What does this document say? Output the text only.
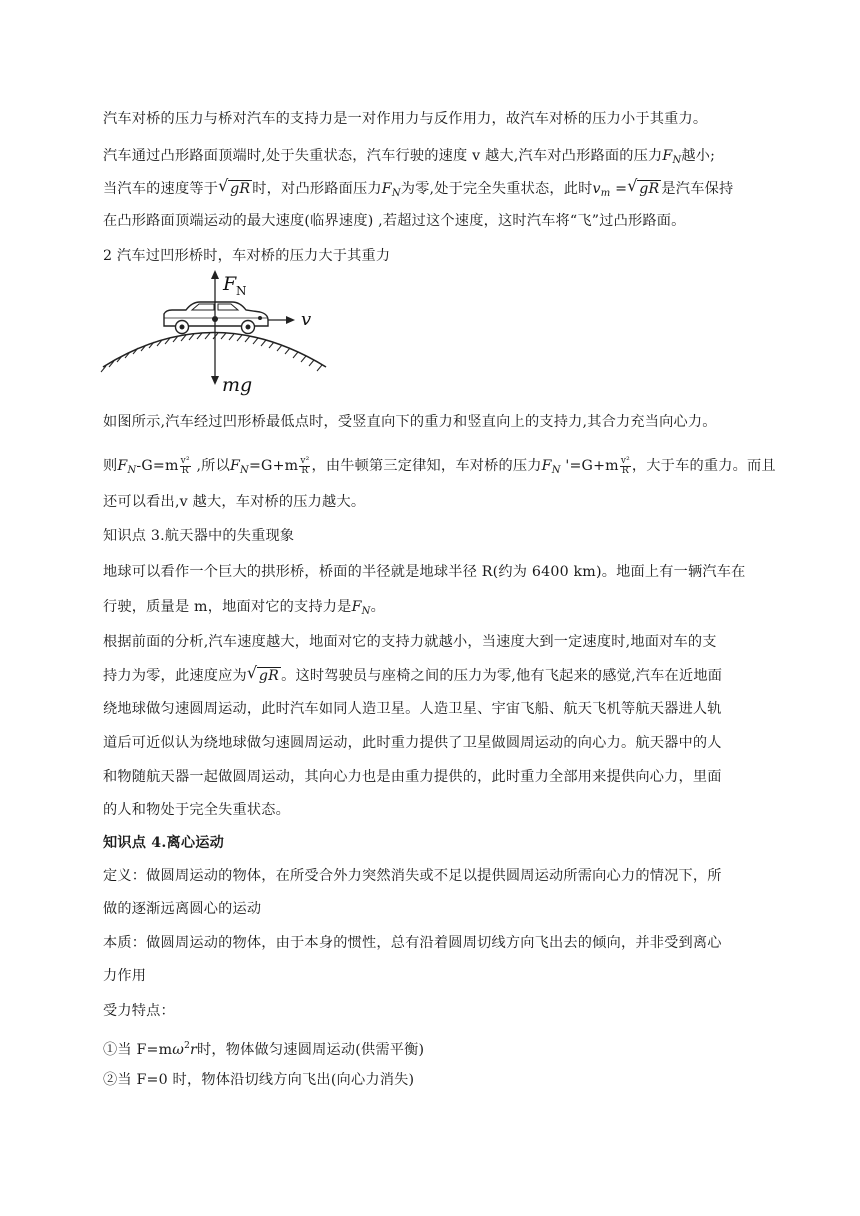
汽车对桥的压力与桥对汽车的支持力是一对作用力与反作用力，故汽车对桥的压力小于其重力。
汽车通过凸形路面顶端时,处于失重状态，汽车行驶的速度 v 越大,汽车对凸形路面的压力$F_N$越小;
当汽车的速度等于 √ gR 时，对凸形路面压力$F_N$为零,处于完全失重状态，此时$v_m$ = √ gR 是汽车保持
在凸形路面顶端运动的最大速度(临界速度) ,若超过这个速度，这时汽车将“飞”过凸形路面。
2 汽车过凹形桥时，车对桥的压力大于其重力
F N
v
mg
如图所示,汽车经过凹形桥最低点时，受竖直向下的重力和竖直向上的支持力,其合力充当向心力。
则$F_N-G=m \frac{\text{v²}}{R}$ ,所以$F_N=G+m \frac{\text{v²}}{R}$ ，由牛顿第三定律知，车对桥的压力$F_N$ '$=G+m \frac{\text{v²}}{R}$ ，大于车的重力。而且
还可以看出,v 越大，车对桥的压力越大。
知识点 3.航天器中的失重现象
地球可以看作一个巨大的拱形桥，桥面的半径就是地球半径 R(约为 6400 km)。地面上有一辆汽车在
行驶，质量是 m，地面对它的支持力是$F_N$。
根据前面的分析,汽车速度越大，地面对它的支持力就越小，当速度大到一定速度时,地面对车的支
持力为零，此速度应为 √ gR 。这时驾驶员与座椅之间的压力为零,他有飞起来的感觉,汽车在近地面
绕地球做匀速圆周运动，此时汽车如同人造卫星。人造卫星、宇宙飞船、航天飞机等航天器进人轨
道后可近似认为绕地球做匀速圆周运动，此时重力提供了卫星做圆周运动的向心力。航天器中的人
和物随航天器一起做圆周运动，其向心力也是由重力提供的，此时重力全部用来提供向心力，里面
的人和物处于完全失重状态。
知识点 4.离心运动
定义：做圆周运动的物体，在所受合外力突然消失或不足以提供圆周运动所需向心力的情况下，所
做的逐渐远离圆心的运动
本质：做圆周运动的物体，由于本身的惯性，总有沿着圆周切线方向飞出去的倾向，并非受到离心
力作用
受力特点：
①当 $F=m\omega^2r$时，物体做匀速圆周运动(供需平衡)
②当 F=0 时，物体沿切线方向飞出(向心力消失)
